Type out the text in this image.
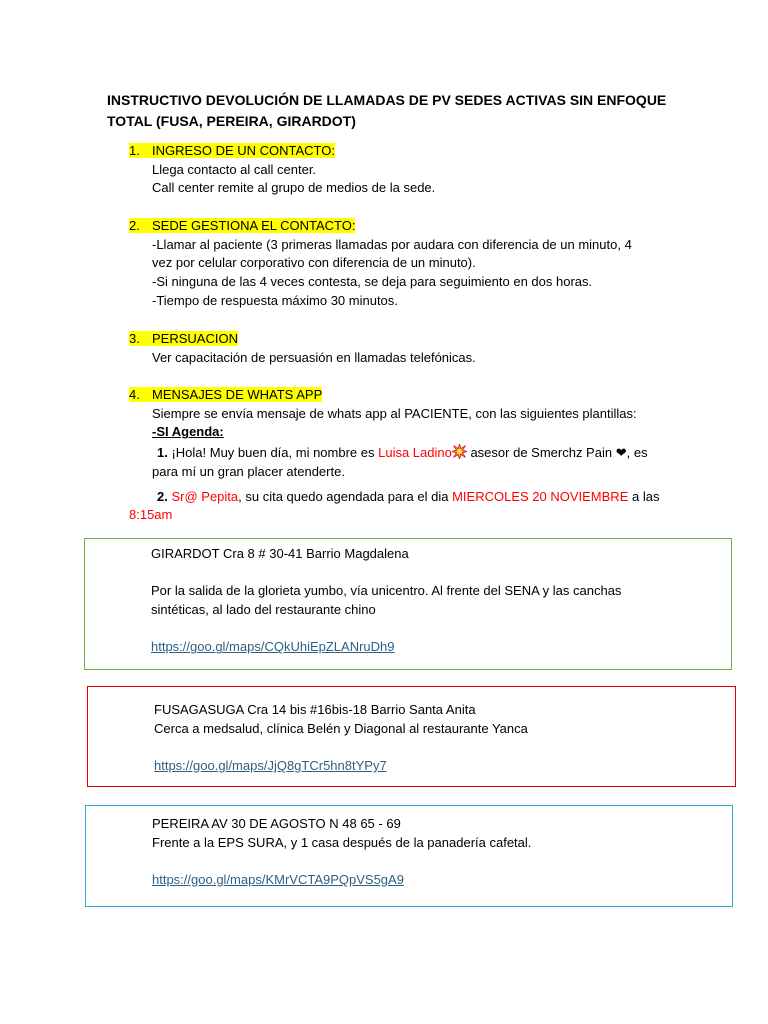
INSTRUCTIVO DEVOLUCIÓN DE LLAMADAS DE PV SEDES ACTIVAS SIN ENFOQUE TOTAL (FUSA, PEREIRA, GIRARDOT)
1. INGRESO DE UN CONTACTO:
Llega contacto al call center.
Call center remite al grupo de medios de la sede.
2. SEDE GESTIONA EL CONTACTO:
-Llamar al paciente (3 primeras llamadas por audara con diferencia de un minuto, 4
vez por celular corporativo con diferencia de un minuto).
-Si ninguna de las 4 veces contesta, se deja para seguimiento en dos horas.
-Tiempo de respuesta máximo 30 minutos.
3. PERSUACION
Ver capacitación de persuasión en llamadas telefónicas.
4. MENSAJES DE WHATS APP
Siempre se envía mensaje de whats app al PACIENTE, con las siguientes plantillas:
-SI Agenda:
1. ¡Hola! Muy buen día, mi nombre es Luisa Ladino asesor de Smerchz Pain ❤, es
para mí un gran placer atenderte.
2. Sr@ Pepita, su cita quedo agendada para el dia MIERCOLES 20 NOVIEMBRE a las
8:15am
GIRARDOT Cra 8 # 30-41 Barrio Magdalena
Por la salida de la glorieta yumbo, vía unicentro. Al frente del SENA y las canchas
sintéticas, al lado del restaurante chino
https://goo.gl/maps/CQkUhiEpZLANruDh9
FUSAGASUGA Cra 14 bis #16bis-18 Barrio Santa Anita
Cerca a medsalud, clínica Belén y Diagonal al restaurante Yanca
https://goo.gl/maps/JjQ8gTCr5hn8tYPy7
PEREIRA AV 30 DE AGOSTO N 48 65 - 69
Frente a la EPS SURA, y 1 casa después de la panadería cafetal.
https://goo.gl/maps/KMrVCTA9PQpVS5gA9
